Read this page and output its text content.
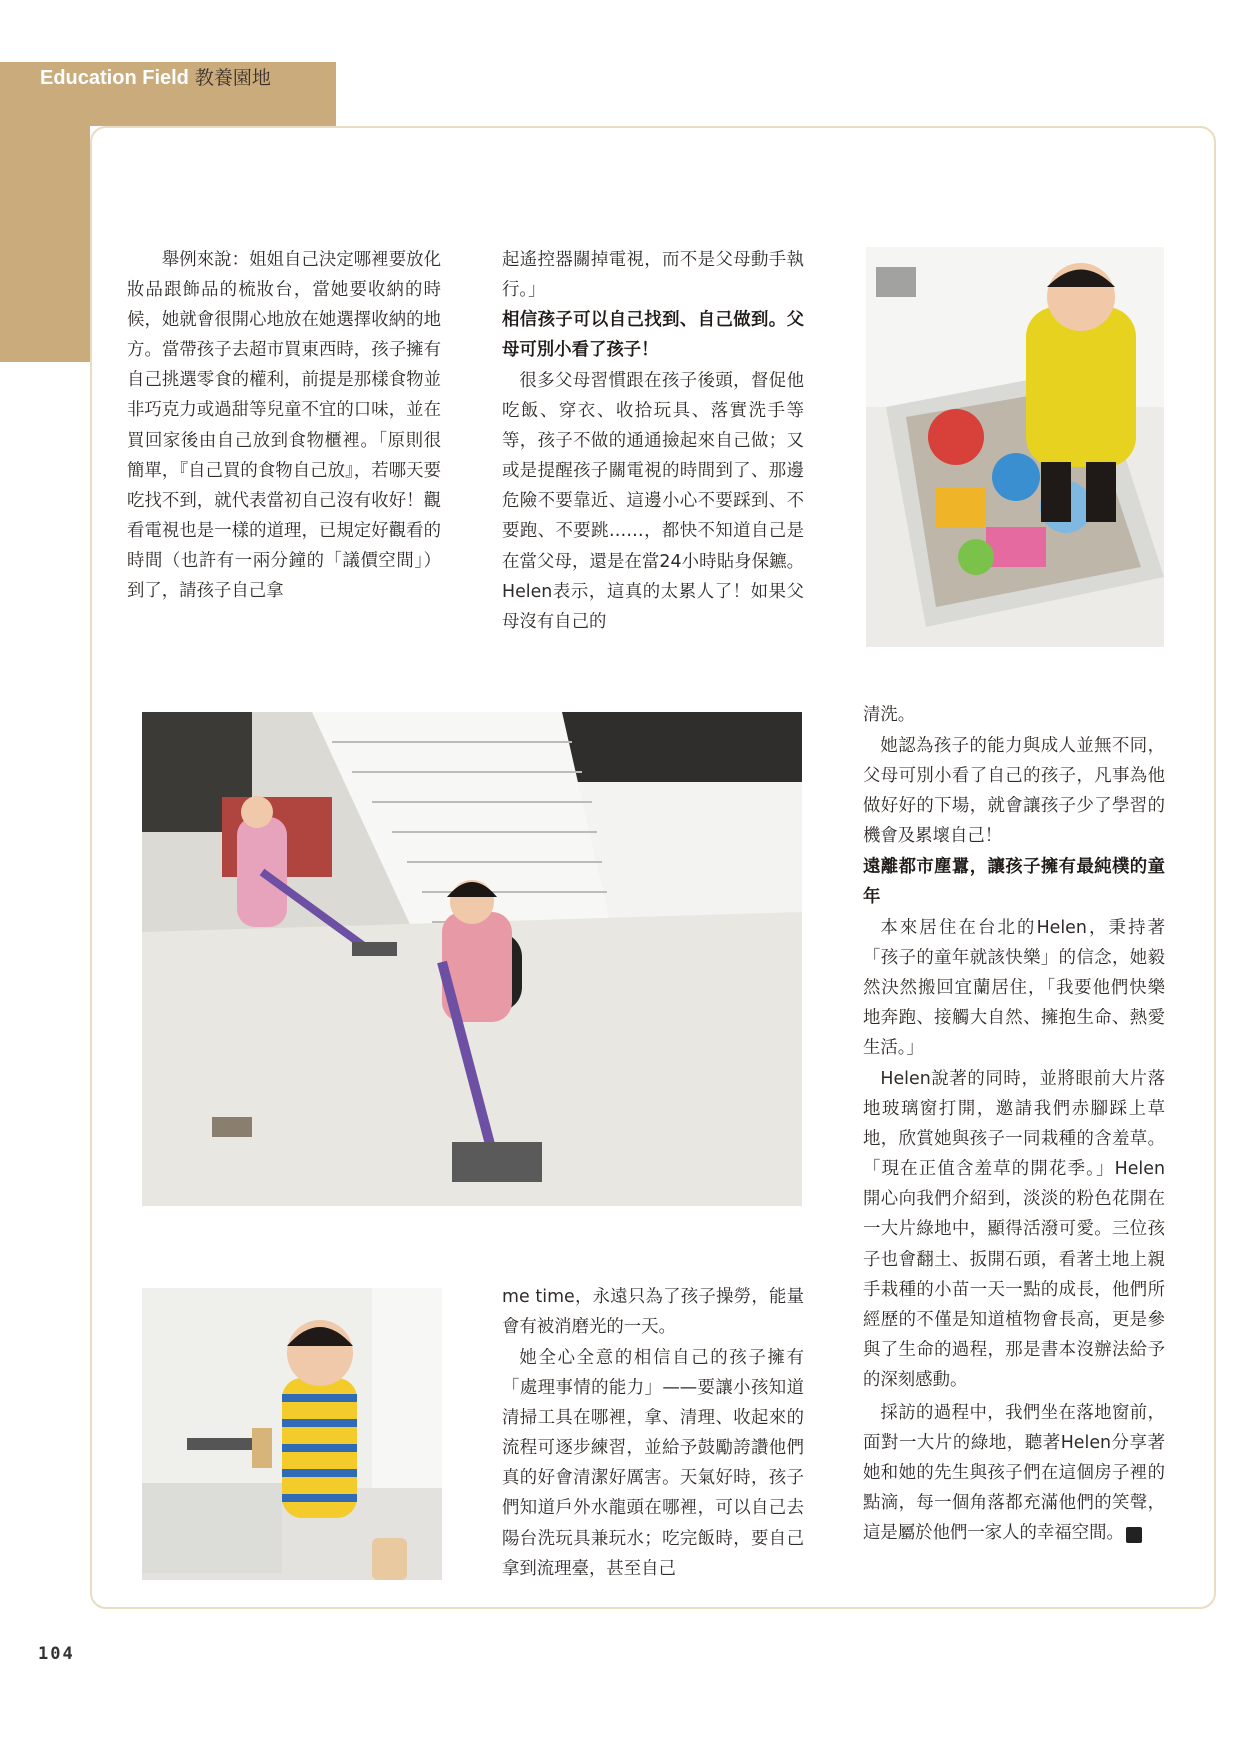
Education Field 教養園地

舉例來說：姐姐自己決定哪裡要放化妝品跟飾品的梳妝台，當她要收納的時候，她就會很開心地放在她選擇收納的地方。當帶孩子去超市買東西時，孩子擁有自己挑選零食的權利，前提是那樣食物並非巧克力或過甜等兒童不宜的口味，並在買回家後由自己放到食物櫃裡。「原則很簡單，『自己買的食物自己放』，若哪天要吃找不到，就代表當初自己沒有收好！觀看電視也是一樣的道理，已規定好觀看的時間（也許有一兩分鐘的「議價空間」）到了，請孩子自己拿

起遙控器關掉電視，而不是父母動手執行。」

相信孩子可以自己找到、自己做到。父母可別小看了孩子！

很多父母習慣跟在孩子後頭，督促他吃飯、穿衣、收拾玩具、落實洗手等等，孩子不做的通通撿起來自己做；又或是提醒孩子關電視的時間到了、那邊危險不要靠近、這邊小心不要踩到、不要跑、不要跳……，都快不知道自己是在當父母，還是在當24小時貼身保鑣。Helen表示，這真的太累人了！如果父母沒有自己的

清洗。

她認為孩子的能力與成人並無不同，父母可別小看了自己的孩子，凡事為他做好好的下場，就會讓孩子少了學習的機會及累壞自己！

遠離都市塵囂，讓孩子擁有最純樸的童年

本來居住在台北的Helen，秉持著「孩子的童年就該快樂」的信念，她毅然決然搬回宜蘭居住，「我要他們快樂地奔跑、接觸大自然、擁抱生命、熱愛生活。」

Helen說著的同時，並將眼前大片落地玻璃窗打開，邀請我們赤腳踩上草地，欣賞她與孩子一同栽種的含羞草。「現在正值含羞草的開花季。」Helen開心向我們介紹到，淡淡的粉色花開在一大片綠地中，顯得活潑可愛。三位孩子也會翻土、扳開石頭，看著土地上親手栽種的小苗一天一點的成長，他們所經歷的不僅是知道植物會長高，更是參與了生命的過程，那是書本沒辦法給予的深刻感動。

採訪的過程中，我們坐在落地窗前，面對一大片的綠地，聽著Helen分享著她和她的先生與孩子們在這個房子裡的點滴，每一個角落都充滿他們的笑聲，這是屬於他們一家人的幸福空間。 m

me time，永遠只為了孩子操勞，能量會有被消磨光的一天。

她全心全意的相信自己的孩子擁有「處理事情的能力」——要讓小孩知道清掃工具在哪裡，拿、清理、收起來的流程可逐步練習，並給予鼓勵誇讚他們真的好會清潔好厲害。天氣好時，孩子們知道戶外水龍頭在哪裡，可以自己去陽台洗玩具兼玩水；吃完飯時，要自己拿到流理臺，甚至自己

104
